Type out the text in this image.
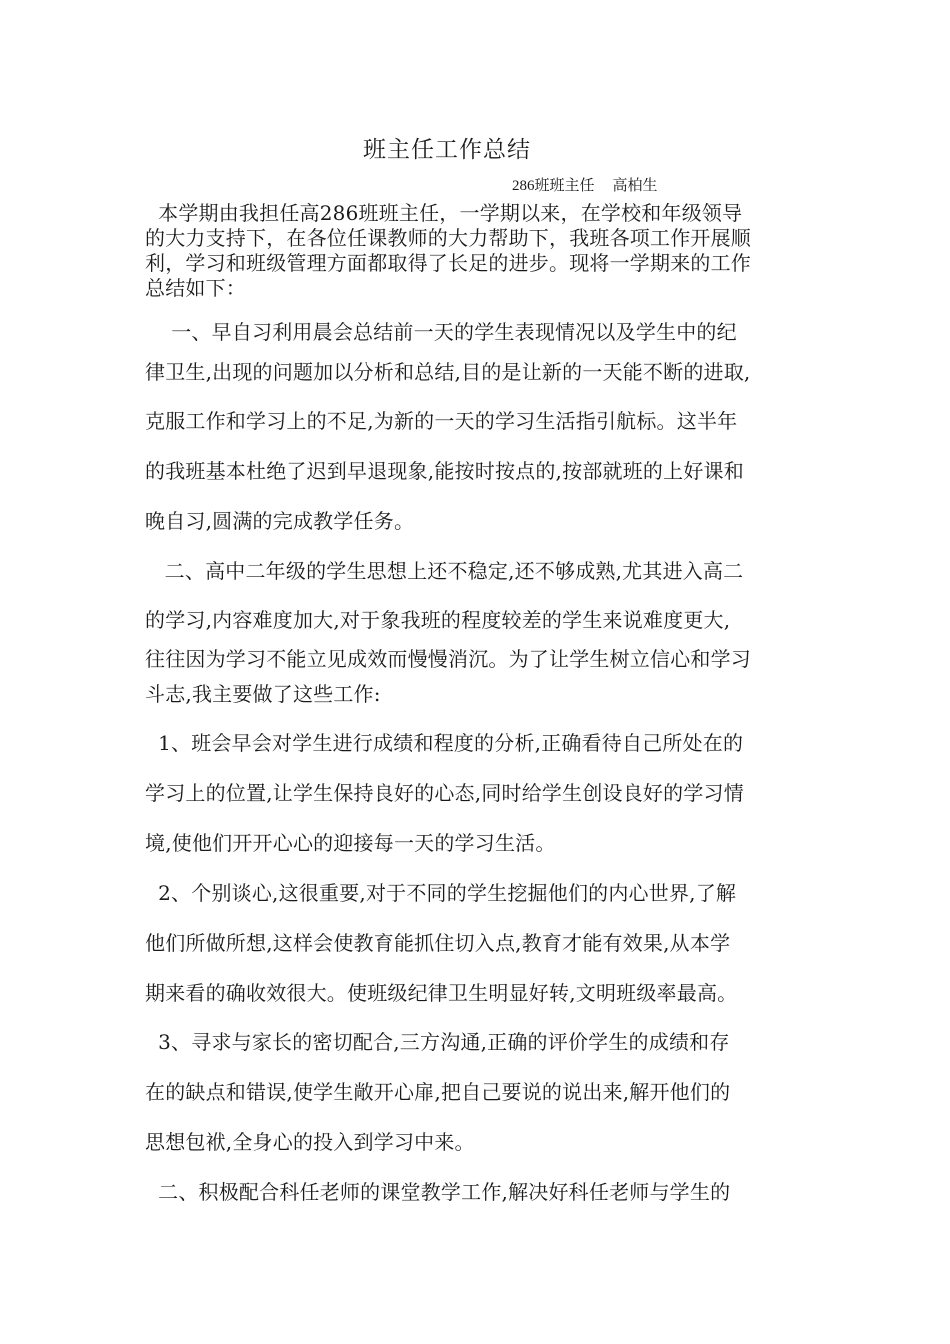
班主任工作总结
286班班主任 高柏生
本学期由我担任高286班班主任，一学期以来，在学校和年级领导
的大力支持下，在各位任课教师的大力帮助下，我班各项工作开展顺
利，学习和班级管理方面都取得了长足的进步。现将一学期来的工作
总结如下：
一、早自习利用晨会总结前一天的学生表现情况以及学生中的纪
律卫生,出现的问题加以分析和总结,目的是让新的一天能不断的进取,
克服工作和学习上的不足,为新的一天的学习生活指引航标。这半年
的我班基本杜绝了迟到早退现象,能按时按点的,按部就班的上好课和
晚自习,圆满的完成教学任务。
二、高中二年级的学生思想上还不稳定,还不够成熟,尤其进入高二
的学习,内容难度加大,对于象我班的程度较差的学生来说难度更大,
往往因为学习不能立见成效而慢慢消沉。为了让学生树立信心和学习
斗志,我主要做了这些工作:
1、班会早会对学生进行成绩和程度的分析,正确看待自己所处在的
学习上的位置,让学生保持良好的心态,同时给学生创设良好的学习情
境,使他们开开心心的迎接每一天的学习生活。
2、个别谈心,这很重要,对于不同的学生挖掘他们的内心世界,了解
他们所做所想,这样会使教育能抓住切入点,教育才能有效果,从本学
期来看的确收效很大。使班级纪律卫生明显好转,文明班级率最高。
3、寻求与家长的密切配合,三方沟通,正确的评价学生的成绩和存
在的缺点和错误,使学生敞开心扉,把自己要说的说出来,解开他们的
思想包袱,全身心的投入到学习中来。
二、积极配合科任老师的课堂教学工作,解决好科任老师与学生的
